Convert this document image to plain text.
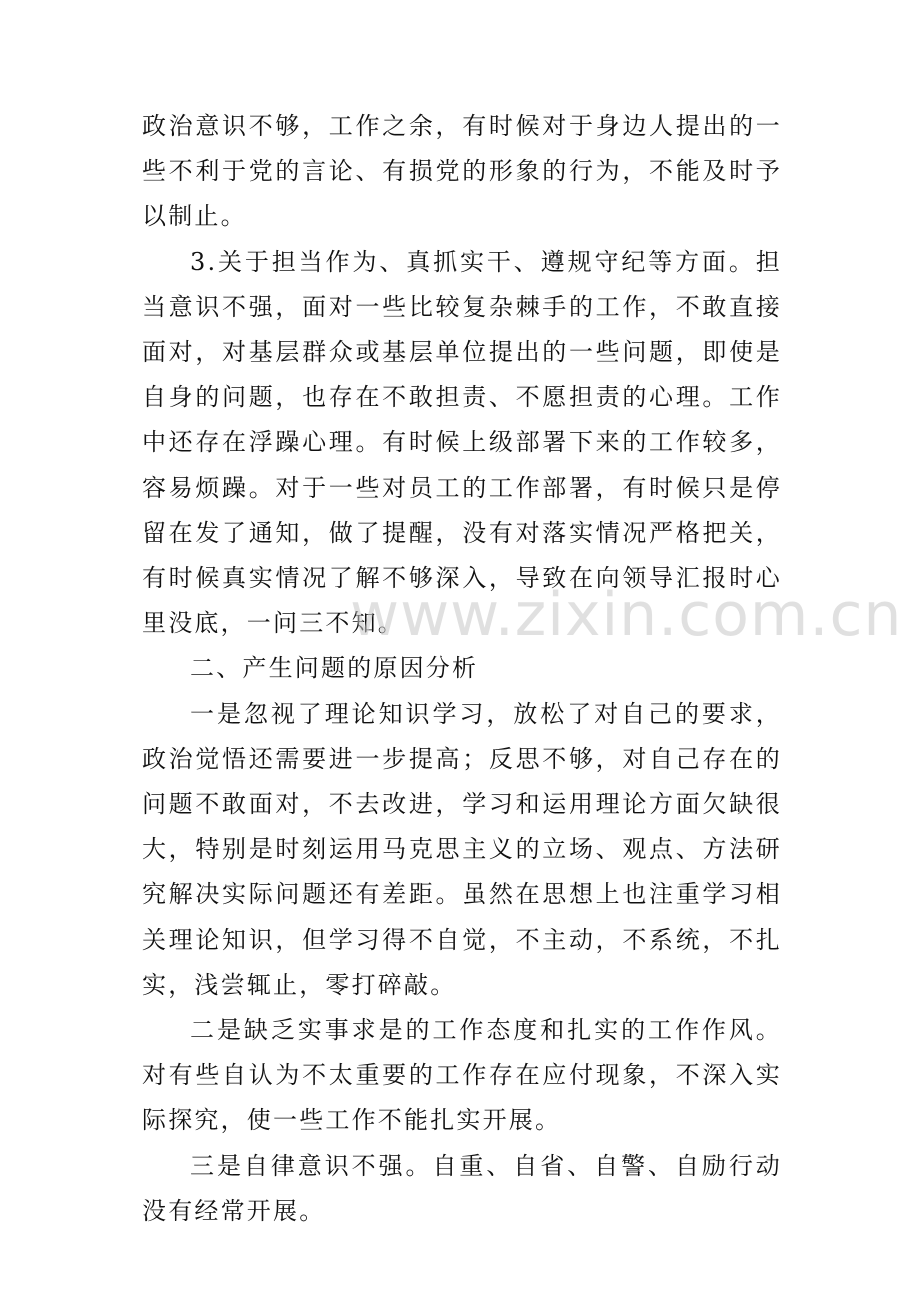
政治意识不够，工作之余，有时候对于身边人提出的一些不利于党的言论、有损党的形象的行为，不能及时予以制止。

3.关于担当作为、真抓实干、遵规守纪等方面。担当意识不强，面对一些比较复杂棘手的工作，不敢直接面对，对基层群众或基层单位提出的一些问题，即使是自身的问题，也存在不敢担责、不愿担责的心理。工作中还存在浮躁心理。有时候上级部署下来的工作较多，容易烦躁。对于一些对员工的工作部署，有时候只是停留在发了通知，做了提醒，没有对落实情况严格把关，有时候真实情况了解不够深入，导致在向领导汇报时心里没底，一问三不知。

二、产生问题的原因分析

一是忽视了理论知识学习，放松了对自己的要求，政治觉悟还需要进一步提高；反思不够，对自己存在的问题不敢面对，不去改进，学习和运用理论方面欠缺很大，特别是时刻运用马克思主义的立场、观点、方法研究解决实际问题还有差距。虽然在思想上也注重学习相关理论知识，但学习得不自觉，不主动，不系统，不扎实，浅尝辄止，零打碎敲。

二是缺乏实事求是的工作态度和扎实的工作作风。对有些自认为不太重要的工作存在应付现象，不深入实际探究，使一些工作不能扎实开展。

三是自律意识不强。自重、自省、自警、自励行动没有经常开展。

www.zixin.com.cn
